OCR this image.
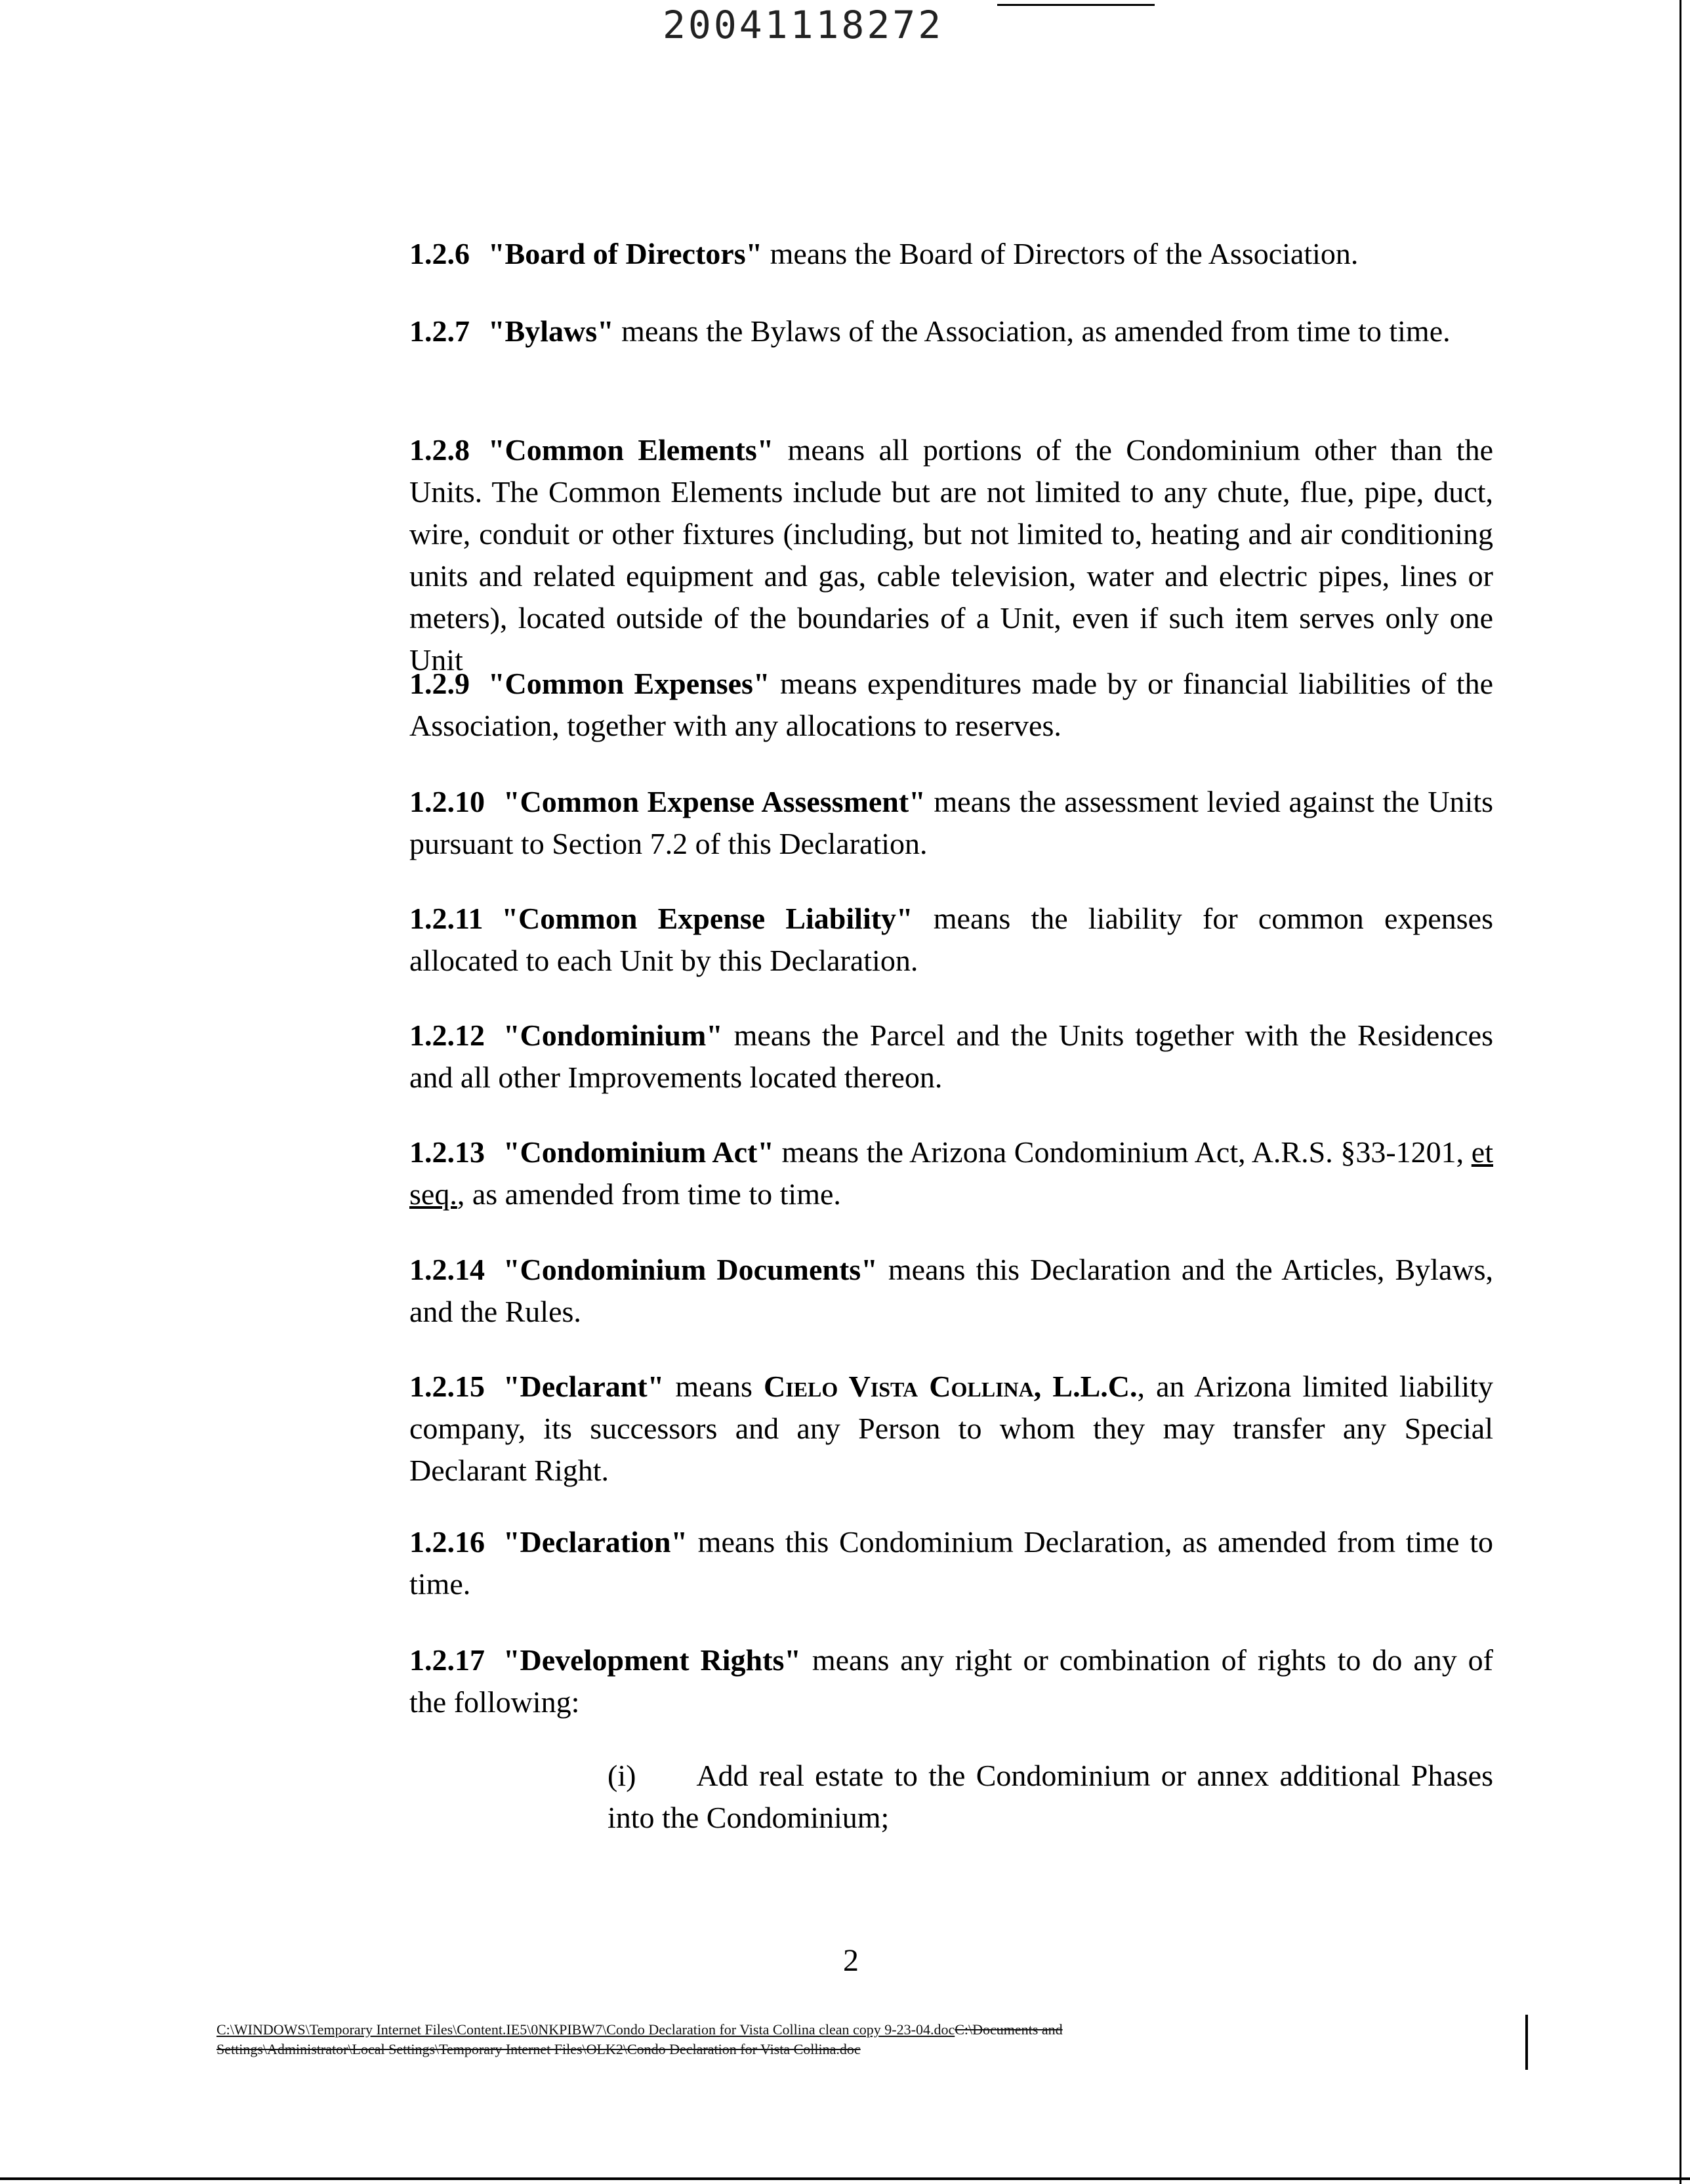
20041118272
1.2.6 "Board of Directors" means the Board of Directors of the Association.
1.2.7 "Bylaws" means the Bylaws of the Association, as amended from time to time.
1.2.8 "Common Elements" means all portions of the Condominium other than the Units. The Common Elements include but are not limited to any chute, flue, pipe, duct, wire, conduit or other fixtures (including, but not limited to, heating and air conditioning units and related equipment and gas, cable television, water and electric pipes, lines or meters), located outside of the boundaries of a Unit, even if such item serves only one Unit
1.2.9 "Common Expenses" means expenditures made by or financial liabilities of the Association, together with any allocations to reserves.
1.2.10 "Common Expense Assessment" means the assessment levied against the Units pursuant to Section 7.2 of this Declaration.
1.2.11 "Common Expense Liability" means the liability for common expenses allocated to each Unit by this Declaration.
1.2.12 "Condominium" means the Parcel and the Units together with the Residences and all other Improvements located thereon.
1.2.13 "Condominium Act" means the Arizona Condominium Act, A.R.S. §33-1201, et seq., as amended from time to time.
1.2.14 "Condominium Documents" means this Declaration and the Articles, Bylaws, and the Rules.
1.2.15 "Declarant" means Cielo Vista Collina, L.L.C., an Arizona limited liability company, its successors and any Person to whom they may transfer any Special Declarant Right.
1.2.16 "Declaration" means this Condominium Declaration, as amended from time to time.
1.2.17 "Development Rights" means any right or combination of rights to do any of the following:
(i) Add real estate to the Condominium or annex additional Phases into the Condominium;
2
C:\WINDOWS\Temporary Internet Files\Content.IE5\0NKPIBW7\Condo Declaration for Vista Collina clean copy 9-23-04.docC:\Documents and
Settings\Administrator\Local Settings\Temporary Internet Files\OLK2\Condo Declaration for Vista Collina.doc
